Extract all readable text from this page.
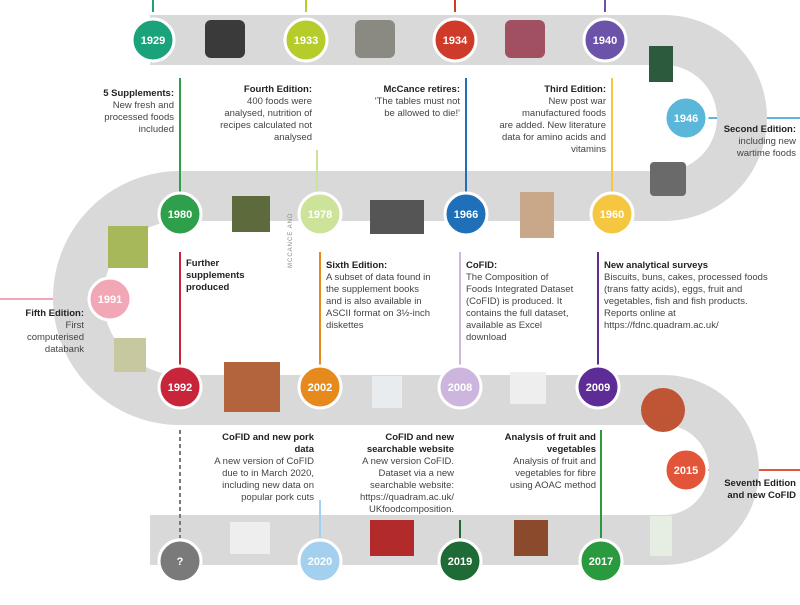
1929	1933	1934	1940
1946
1960
1966
1978
1980
1991
1992	2002	2008	2009
2015
2017
2019
2020
?
5 Supplements:
New fresh and
processed foods
included
Fourth Edition:
400 foods were
analysed, nutrition of
recipes calculated not
analysed
McCance retires:
'The tables must not
be allowed to die!'
Third Edition:
New post war
manufactured foods
are added. New literature
data for amino acids and
vitamins
Second Edition:
including new
wartime foods
Fifth Edition:
First
computerised
databank
Further
supplements
produced
MCCANCE AND	Sixth Edition:
A subset of data found in
the supplement books
and is also available in
ASCII format on 3½-inch
diskettes
CoFID:
The Composition of
Foods Integrated Dataset
(CoFID) is produced. It
contains the full dataset,
available as Excel
download
New analytical surveys
Biscuits, buns, cakes, processed foods
(trans fatty acids), eggs, fruit and
vegetables, fish and fish products.
Reports online at
https://fdnc.quadram.ac.uk/
Seventh Edition
and new CoFID
Analysis of fruit and
vegetables
Analysis of fruit and
vegetables for fibre
using AOAC method
CoFID and new
searchable website
A new version CoFID.
Dataset via a new
searchable website:
https://quadram.ac.uk/
UKfoodcomposition.
CoFID and new pork
data
A new version of CoFID
due to in March 2020,
including new data on
popular pork cuts
